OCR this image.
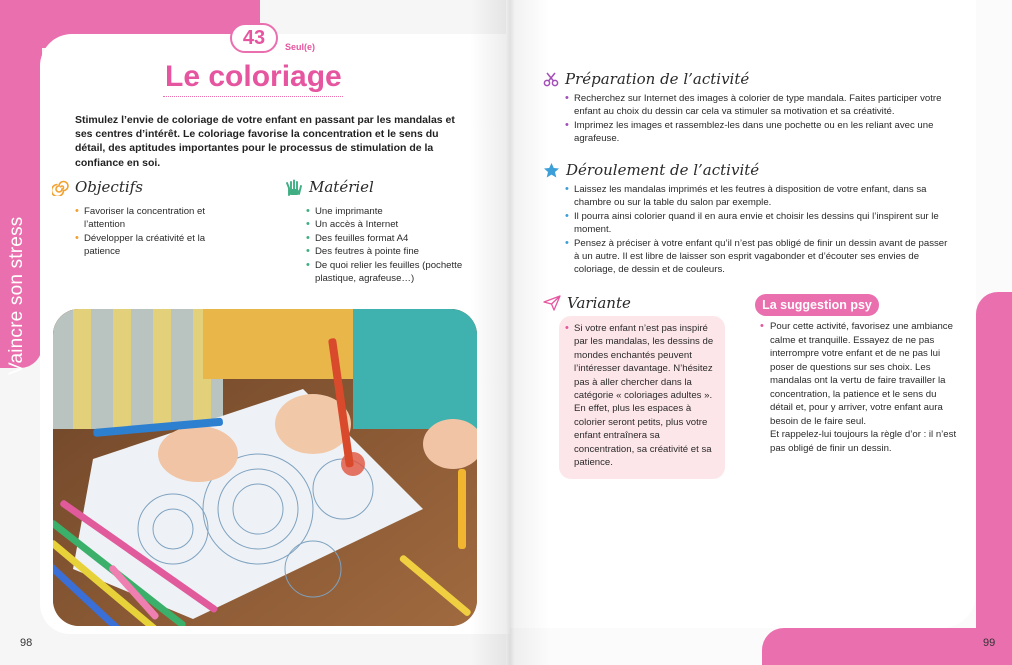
Vaincre son stress
43	Seul(e)
Le coloriage
Stimulez l’envie de coloriage de votre enfant en passant par les mandalas et ses centres d’intérêt. Le coloriage favorise la concentration et le sens du détail, des aptitudes importantes pour le processus de stimulation de la confiance en soi.
Objectifs
• Favoriser la concentration et l’attention
• Développer la créativité et la patience
Matériel
• Une imprimante
• Un accès à Internet
• Des feuilles format A4
• Des feutres à pointe fine
• De quoi relier les feuilles (pochette plastique, agrafeuse…)
98
Préparation de l’activité
• Recherchez sur Internet des images à colorier de type mandala. Faites participer votre enfant au choix du dessin car cela va stimuler sa motivation et sa créativité.
• Imprimez les images et rassemblez-les dans une pochette ou en les reliant avec une agrafeuse.
Déroulement de l’activité
• Laissez les mandalas imprimés et les feutres à disposition de votre enfant, dans sa chambre ou sur la table du salon par exemple.
• Il pourra ainsi colorier quand il en aura envie et choisir les dessins qui l’inspirent sur le moment.
• Pensez à préciser à votre enfant qu’il n’est pas obligé de finir un dessin avant de passer à un autre. Il est libre de laisser son esprit vagabonder et d’écouter ses envies de coloriage, de dessin et de couleurs.
Variante
• Si votre enfant n’est pas inspiré par les mandalas, les dessins de mondes enchantés peuvent l’intéresser davantage. N’hésitez pas à aller chercher dans la catégorie « coloriages adultes ». En effet, plus les espaces à colorier seront petits, plus votre enfant entraînera sa concentration, sa créativité et sa patience.
La suggestion psy
• Pour cette activité, favorisez une ambiance calme et tranquille. Essayez de ne pas interrompre votre enfant et de ne pas lui poser de questions sur ses choix. Les mandalas ont la vertu de faire travailler la concentration, la patience et le sens du détail et, pour y arriver, votre enfant aura besoin de le faire seul.
Et rappelez-lui toujours la règle d’or : il n’est pas obligé de finir un dessin.
99
